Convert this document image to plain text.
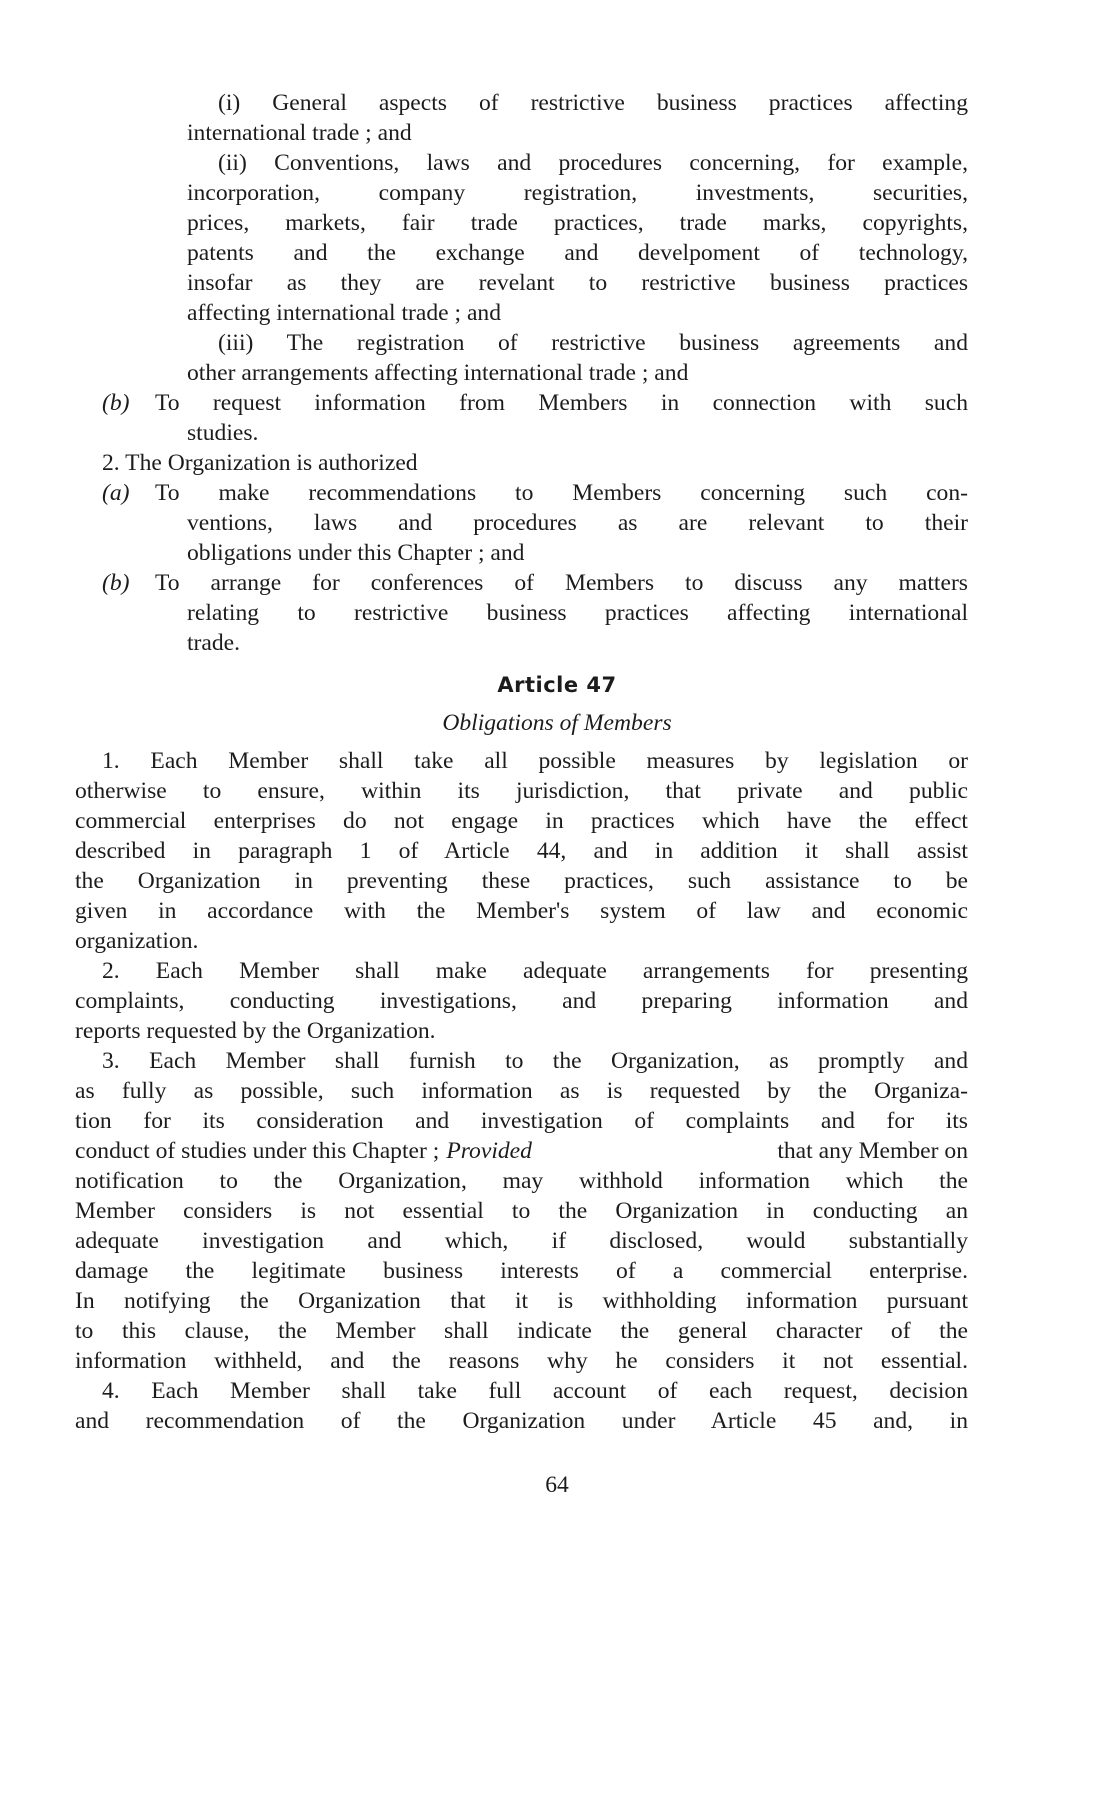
(i) General aspects of restrictive business practices affecting
international trade ; and
(ii) Conventions, laws and procedures concerning, for example,
incorporation, company registration, investments, securities,
prices, markets, fair trade practices, trade marks, copyrights,
patents and the exchange and develpoment of technology,
insofar as they are revelant to restrictive business practices
affecting international trade ; and
(iii) The registration of restrictive business agreements and
other arrangements affecting international trade ; and
(b) To request information from Members in connection with such
studies.
2. The Organization is authorized
(a) To make recommendations to Members concerning such con-
ventions, laws and procedures as are relevant to their
obligations under this Chapter ; and
(b) To arrange for conferences of Members to discuss any matters
relating to restrictive business practices affecting international
trade.
Article 47
Obligations of Members
1. Each Member shall take all possible measures by legislation or
otherwise to ensure, within its jurisdiction, that private and public
commercial enterprises do not engage in practices which have the effect
described in paragraph 1 of Article 44, and in addition it shall assist
the Organization in preventing these practices, such assistance to be
given in accordance with the Member's system of law and economic
organization.
2. Each Member shall make adequate arrangements for presenting
complaints, conducting investigations, and preparing information and
reports requested by the Organization.
3. Each Member shall furnish to the Organization, as promptly and
as fully as possible, such information as is requested by the Organiza-
tion for its consideration and investigation of complaints and for its
conduct of studies under this Chapter ; Provided	that any Member on
notification to the Organization, may withhold information which the
Member considers is not essential to the Organization in conducting an
adequate investigation and which, if disclosed, would substantially
damage the legitimate business interests of a commercial enterprise.
In notifying the Organization that it is withholding information pursuant
to this clause, the Member shall indicate the general character of the
information withheld, and the reasons why he considers it not essential.
4. Each Member shall take full account of each request, decision
and recommendation of the Organization under Article 45 and, in
64
